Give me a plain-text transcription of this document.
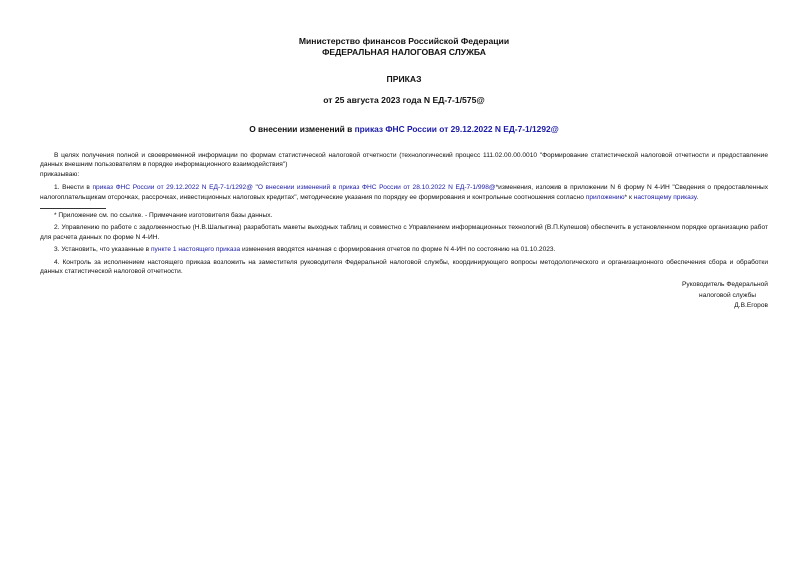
Министерство финансов Российской Федерации
ФЕДЕРАЛЬНАЯ НАЛОГОВАЯ СЛУЖБА
ПРИКАЗ
от 25 августа 2023 года N ЕД-7-1/575@
О внесении изменений в приказ ФНС России от 29.12.2022 N ЕД-7-1/1292@
В целях получения полной и своевременной информации по формам статистической налоговой отчетности (технологический процесс 111.02.00.00.0010 "Формирование статистической налоговой отчетности и предоставление данных внешним пользователям в порядке информационного взаимодействия")
приказываю:
1. Внести в приказ ФНС России от 29.12.2022 N ЕД-7-1/1292@ "О внесении изменений в приказ ФНС России от 28.10.2022 N ЕД-7-1/998@*изменения, изложив в приложении N 6 форму N 4-ИН "Сведения о предоставленных налогоплательщикам отсрочках, рассрочках, инвестиционных налоговых кредитах", методические указания по порядку ее формирования и контрольные соотношения согласно приложению* к настоящему приказу.
* Приложение см. по ссылке. - Примечание изготовителя базы данных.
2. Управлению по работе с задолженностью (Н.В.Шалыгина) разработать макеты выходных таблиц и совместно с Управлением информационных технологий (В.П.Кулешов) обеспечить в установленном порядке организацию работ для расчета данных по форме N 4-ИН.
3. Установить, что указанные в пункте 1 настоящего приказа изменения вводятся начиная с формирования отчетов по форме N 4-ИН по состоянию на 01.10.2023.
4. Контроль за исполнением настоящего приказа возложить на заместителя руководителя Федеральной налоговой службы, координирующего вопросы методологического и организационного обеспечения сбора и обработки данных статистической налоговой отчетности.
Руководитель Федеральной
налоговой службы
Д.В.Егоров
